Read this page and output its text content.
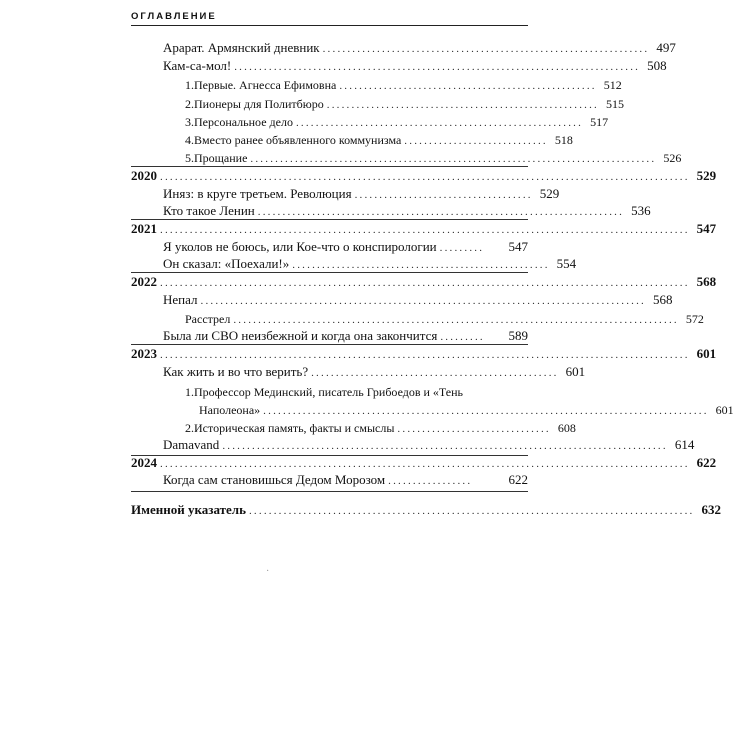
ОГЛАВЛЕНИЕ
Арарат. Армянский дневник .................................................................. 497
Кам-са-мол! .................................................................................. 508
1. Первые. Агнесса Ефимовна .................................................... 512
2. Пионеры для Политбюро ....................................................... 515
3. Персональное дело .......................................................... 517
4. Вместо ранее объявленного коммунизма ............................. 518
5. Прощание .................................................................................. 526
2020 ........................................................................................................... 529
Иняз: в круге третьем. Революция .................................... 529
Кто такое Ленин .......................................................................... 536
2021 ........................................................................................................... 547
Я уколов не боюсь, или Кое-что о конспирологии .........	547
Он сказал: «Поехали!» .................................................... 554
2022 ........................................................................................................... 568
Непал .......................................................................................... 568
Расстрел .......................................................................................... 572
Была ли СВО неизбежной и когда она закончится .........	589
2023 ........................................................................................................... 601
Как жить и во что верить? .................................................. 601
1.Профессор Мединский, писатель Грибоедов и «Тень
Наполеона» .......................................................................................... 601
2. Историческая память, факты и смыслы ............................... 608
Damavand .......................................................................................... 614
2024 ........................................................................................................... 622
Когда сам становишься Дедом Морозом .................	622
Именной указатель .......................................................................................... 632
·
